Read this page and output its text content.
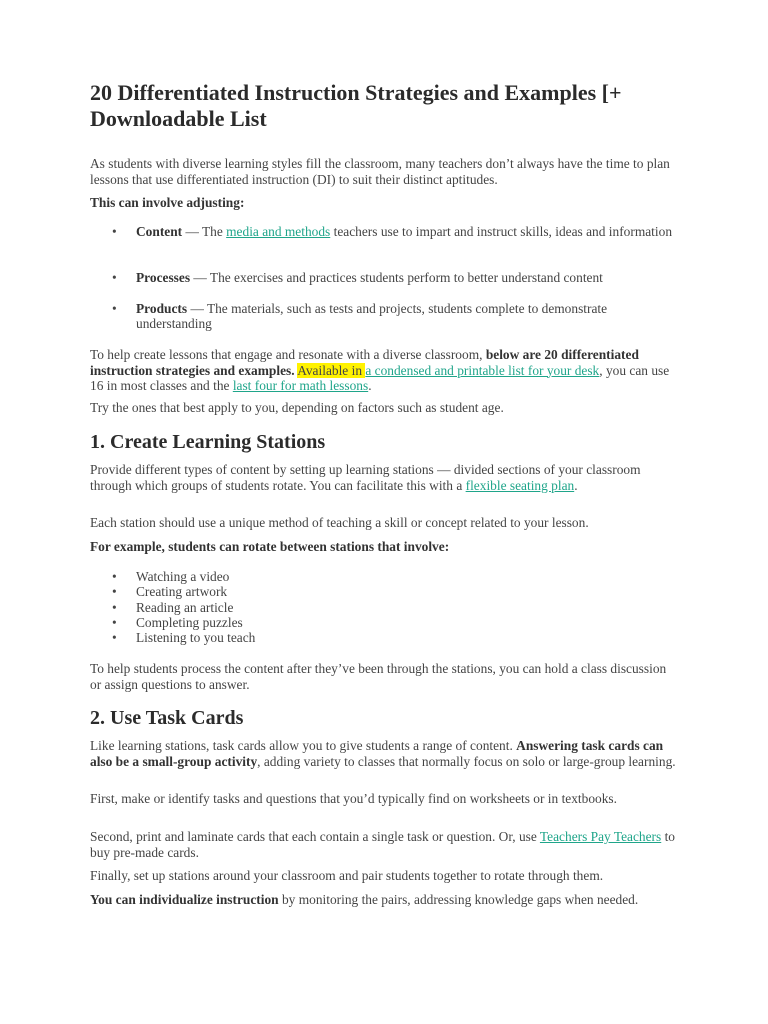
20 Differentiated Instruction Strategies and Examples [+ Downloadable List

As students with diverse learning styles fill the classroom, many teachers don’t always have the time to plan lessons that use differentiated instruction (DI) to suit their distinct aptitudes.

This can involve adjusting:

• Content — The media and methods teachers use to impart and instruct skills, ideas and information
• Processes — The exercises and practices students perform to better understand content
• Products — The materials, such as tests and projects, students complete to demonstrate understanding

To help create lessons that engage and resonate with a diverse classroom, below are 20 differentiated instruction strategies and examples. Available in a condensed and printable list for your desk, you can use 16 in most classes and the last four for math lessons.

Try the ones that best apply to you, depending on factors such as student age.

1. Create Learning Stations

Provide different types of content by setting up learning stations — divided sections of your classroom through which groups of students rotate. You can facilitate this with a flexible seating plan.

Each station should use a unique method of teaching a skill or concept related to your lesson.

For example, students can rotate between stations that involve:

• Watching a video
• Creating artwork
• Reading an article
• Completing puzzles
• Listening to you teach

To help students process the content after they’ve been through the stations, you can hold a class discussion or assign questions to answer.

2. Use Task Cards

Like learning stations, task cards allow you to give students a range of content. Answering task cards can also be a small-group activity, adding variety to classes that normally focus on solo or large-group learning.

First, make or identify tasks and questions that you’d typically find on worksheets or in textbooks.

Second, print and laminate cards that each contain a single task or question. Or, use Teachers Pay Teachers to buy pre-made cards.

Finally, set up stations around your classroom and pair students together to rotate through them.

You can individualize instruction by monitoring the pairs, addressing knowledge gaps when needed.
